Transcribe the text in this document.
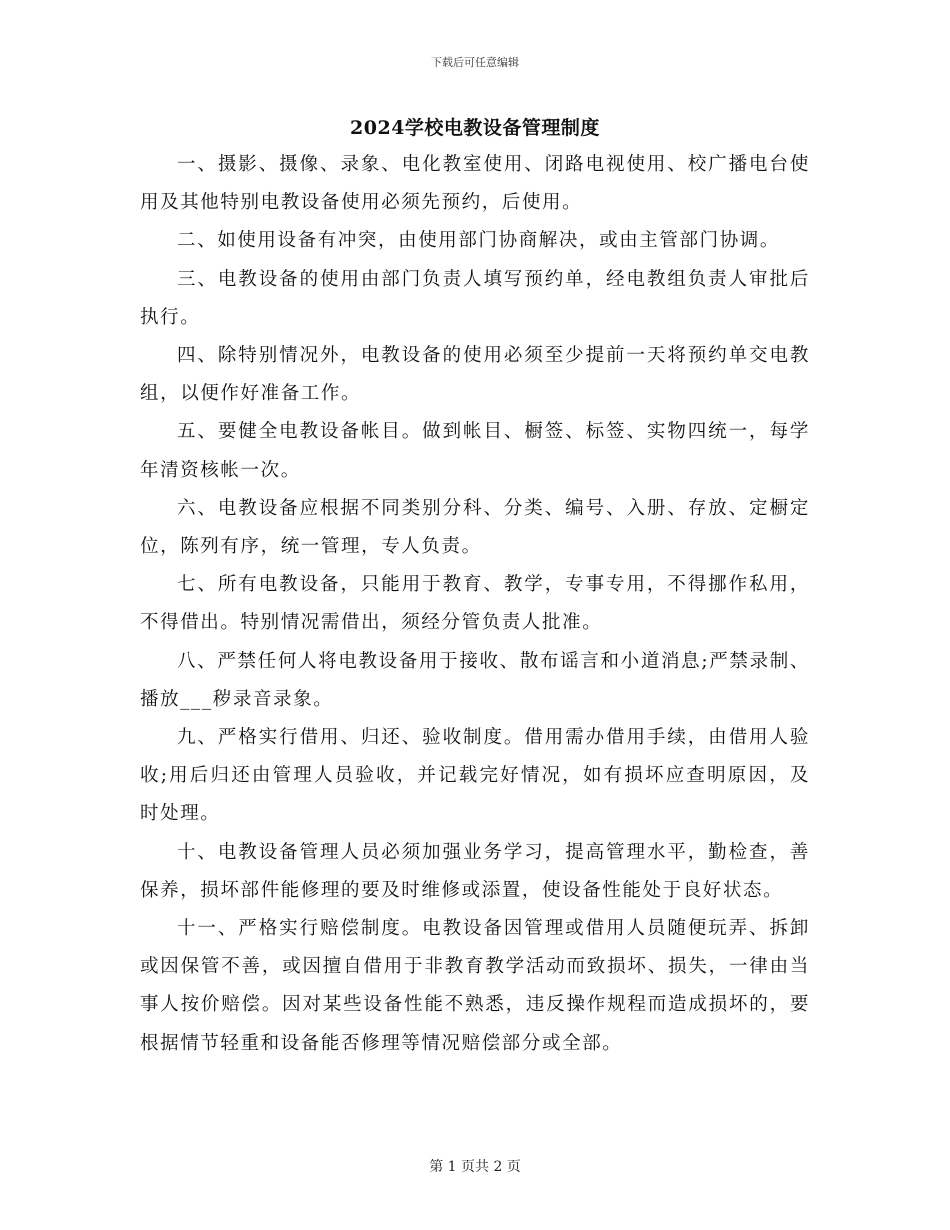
下载后可任意编辑
2024学校电教设备管理制度

一、摄影、摄像、录象、电化教室使用、闭路电视使用、校广播电台使用及其他特别电教设备使用必须先预约，后使用。

二、如使用设备有冲突，由使用部门协商解决，或由主管部门协调。

三、电教设备的使用由部门负责人填写预约单，经电教组负责人审批后执行。

四、除特别情况外，电教设备的使用必须至少提前一天将预约单交电教组，以便作好准备工作。

五、要健全电教设备帐目。做到帐目、橱签、标签、实物四统一，每学年清资核帐一次。

六、电教设备应根据不同类别分科、分类、编号、入册、存放、定橱定位，陈列有序，统一管理，专人负责。

七、所有电教设备，只能用于教育、教学，专事专用，不得挪作私用，不得借出。特别情况需借出，须经分管负责人批准。

八、严禁任何人将电教设备用于接收、散布谣言和小道消息;严禁录制、播放___秽录音录象。

九、严格实行借用、归还、验收制度。借用需办借用手续，由借用人验收;用后归还由管理人员验收，并记载完好情况，如有损坏应查明原因，及时处理。

十、电教设备管理人员必须加强业务学习，提高管理水平，勤检查，善保养，损坏部件能修理的要及时维修或添置，使设备性能处于良好状态。

十一、严格实行赔偿制度。电教设备因管理或借用人员随便玩弄、拆卸或因保管不善，或因擅自借用于非教育教学活动而致损坏、损失，一律由当事人按价赔偿。因对某些设备性能不熟悉，违反操作规程而造成损坏的，要根据情节轻重和设备能否修理等情况赔偿部分或全部。

第 1 页共 2 页
